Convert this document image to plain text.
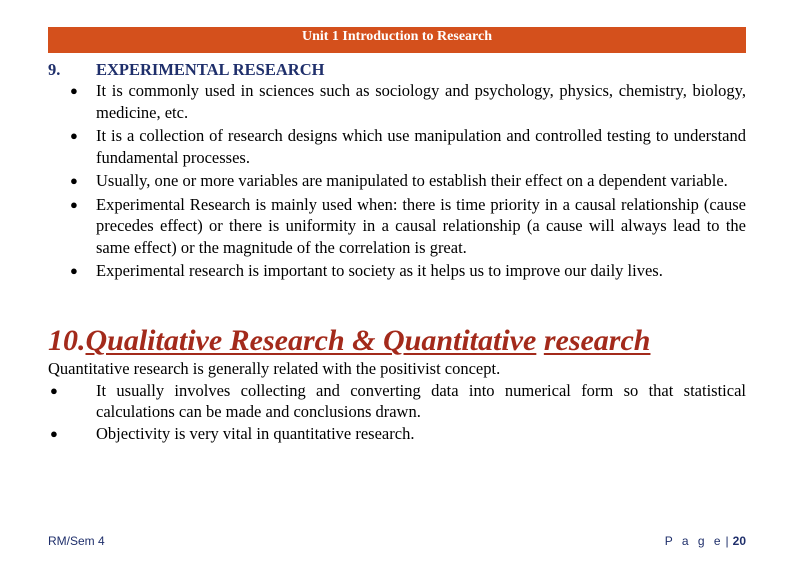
Unit 1 Introduction to Research
9.	EXPERIMENTAL RESEARCH
● It is commonly used in sciences such as sociology and psychology, physics, chemistry, biology, medicine, etc.
● It is a collection of research designs which use manipulation and controlled testing to understand fundamental processes.
● Usually, one or more variables are manipulated to establish their effect on a dependent variable.
● Experimental Research is mainly used when: there is time priority in a causal relationship (cause precedes effect) or there is uniformity in a causal relationship (a cause will always lead to the same effect) or the magnitude of the correlation is great.
● Experimental research is important to society as it helps us to improve our daily lives.
10.Qualitative Research & Quantitative research
Quantitative research is generally related with the positivist concept.
● It usually involves collecting and converting data into numerical form so that statistical calculations can be made and conclusions drawn.
● Objectivity is very vital in quantitative research.
RM/Sem 4	P a g e | 20
